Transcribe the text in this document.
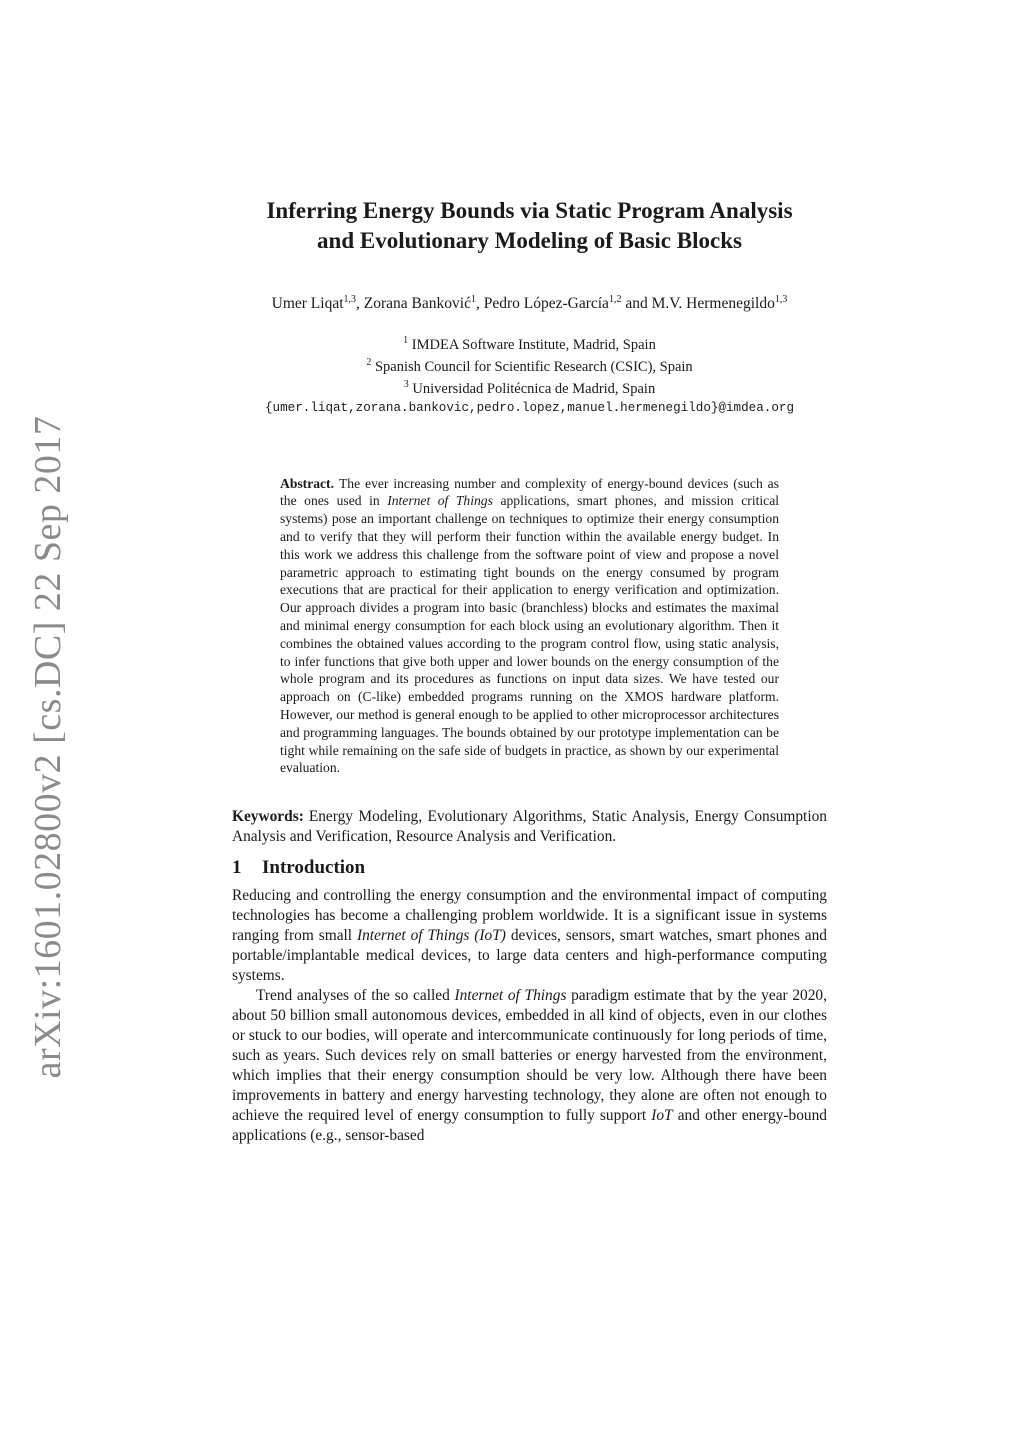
arXiv:1601.02800v2 [cs.DC] 22 Sep 2017
Inferring Energy Bounds via Static Program Analysis
and Evolutionary Modeling of Basic Blocks
Umer Liqat$^{1,3}$, Zorana Banković$^1$, Pedro López-García$^{1,2}$ and M.V. Hermenegildo$^{1,3}$
$^1$ IMDEA Software Institute, Madrid, Spain
$^2$ Spanish Council for Scientific Research (CSIC), Spain
$^3$ Universidad Politécnica de Madrid, Spain
{umer.liqat,zorana.bankovic,pedro.lopez,manuel.hermenegildo}@imdea.org
Abstract. The ever increasing number and complexity of energy-bound devices (such as the ones used in Internet of Things applications, smart phones, and mission critical systems) pose an important challenge on techniques to optimize their energy consumption and to verify that they will perform their function within the available energy budget. In this work we address this challenge from the software point of view and propose a novel parametric approach to estimating tight bounds on the energy consumed by program executions that are practical for their application to energy verification and optimization. Our approach divides a program into basic (branchless) blocks and estimates the maximal and minimal energy consumption for each block using an evolutionary algorithm. Then it combines the obtained values according to the program control flow, using static analysis, to infer functions that give both upper and lower bounds on the energy consumption of the whole program and its procedures as functions on input data sizes. We have tested our approach on (C-like) embedded programs running on the XMOS hardware platform. However, our method is general enough to be applied to other microprocessor architectures and programming languages. The bounds obtained by our prototype implementation can be tight while remaining on the safe side of budgets in practice, as shown by our experimental evaluation.
Keywords: Energy Modeling, Evolutionary Algorithms, Static Analysis, Energy Consumption Analysis and Verification, Resource Analysis and Verification.
1 Introduction

Reducing and controlling the energy consumption and the environmental impact of computing technologies has become a challenging problem worldwide. It is a significant issue in systems ranging from small Internet of Things (IoT) devices, sensors, smart watches, smart phones and portable/implantable medical devices, to large data centers and high-performance computing systems.

Trend analyses of the so called Internet of Things paradigm estimate that by the year 2020, about 50 billion small autonomous devices, embedded in all kind of objects, even in our clothes or stuck to our bodies, will operate and intercommunicate continuously for long periods of time, such as years. Such devices rely on small batteries or energy harvested from the environment, which implies that their energy consumption should be very low. Although there have been improvements in battery and energy harvesting technology, they alone are often not enough to achieve the required level of energy consumption to fully support IoT and other energy-bound applications (e.g., sensor-based
